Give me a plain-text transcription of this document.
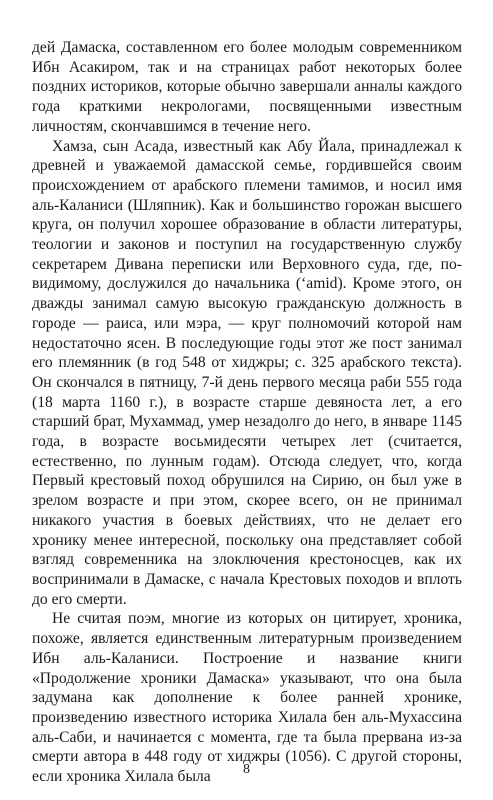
дей Дамаска, составленном его более молодым современником Ибн Асакиром, так и на страницах работ некоторых более поздних историков, которые обычно завершали анналы каждого года краткими некрологами, посвященными известным личностям, скончавшимся в течение него.

Хамза, сын Асада, известный как Абу Йала, принадлежал к древней и уважаемой дамасской семье, гордившейся своим происхождением от арабского племени тамимов, и носил имя аль-Каланиси (Шляпник). Как и большинство горожан высшего круга, он получил хорошее образование в области литературы, теологии и законов и поступил на государственную службу секретарем Дивана переписки или Верховного суда, где, по-видимому, дослужился до начальника (ʻamid). Кроме этого, он дважды занимал самую высокую гражданскую должность в городе — раиса, или мэра, — круг полномочий которой нам недостаточно ясен. В последующие годы этот же пост занимал его племянник (в год 548 от хиджры; с. 325 арабского текста). Он скончался в пятницу, 7-й день первого месяца раби 555 года (18 марта 1160 г.), в возрасте старше девяноста лет, а его старший брат, Мухаммад, умер незадолго до него, в январе 1145 года, в возрасте восьмидесяти четырех лет (считается, естественно, по лунным годам). Отсюда следует, что, когда Первый крестовый поход обрушился на Сирию, он был уже в зрелом возрасте и при этом, скорее всего, он не принимал никакого участия в боевых действиях, что не делает его хронику менее интересной, поскольку она представляет собой взгляд современника на злоключения крестоносцев, как их воспринимали в Дамаске, с начала Крестовых походов и вплоть до его смерти.

Не считая поэм, многие из которых он цитирует, хроника, похоже, является единственным литературным произведением Ибн аль-Каланиси. Построение и название книги «Продолжение хроники Дамаска» указывают, что она была задумана как дополнение к более ранней хронике, произведению известного историка Хилала бен аль-Мухассина аль-Саби, и начинается с момента, где та была прервана из-за смерти автора в 448 году от хиджры (1056). С другой стороны, если хроника Хилала была	8
